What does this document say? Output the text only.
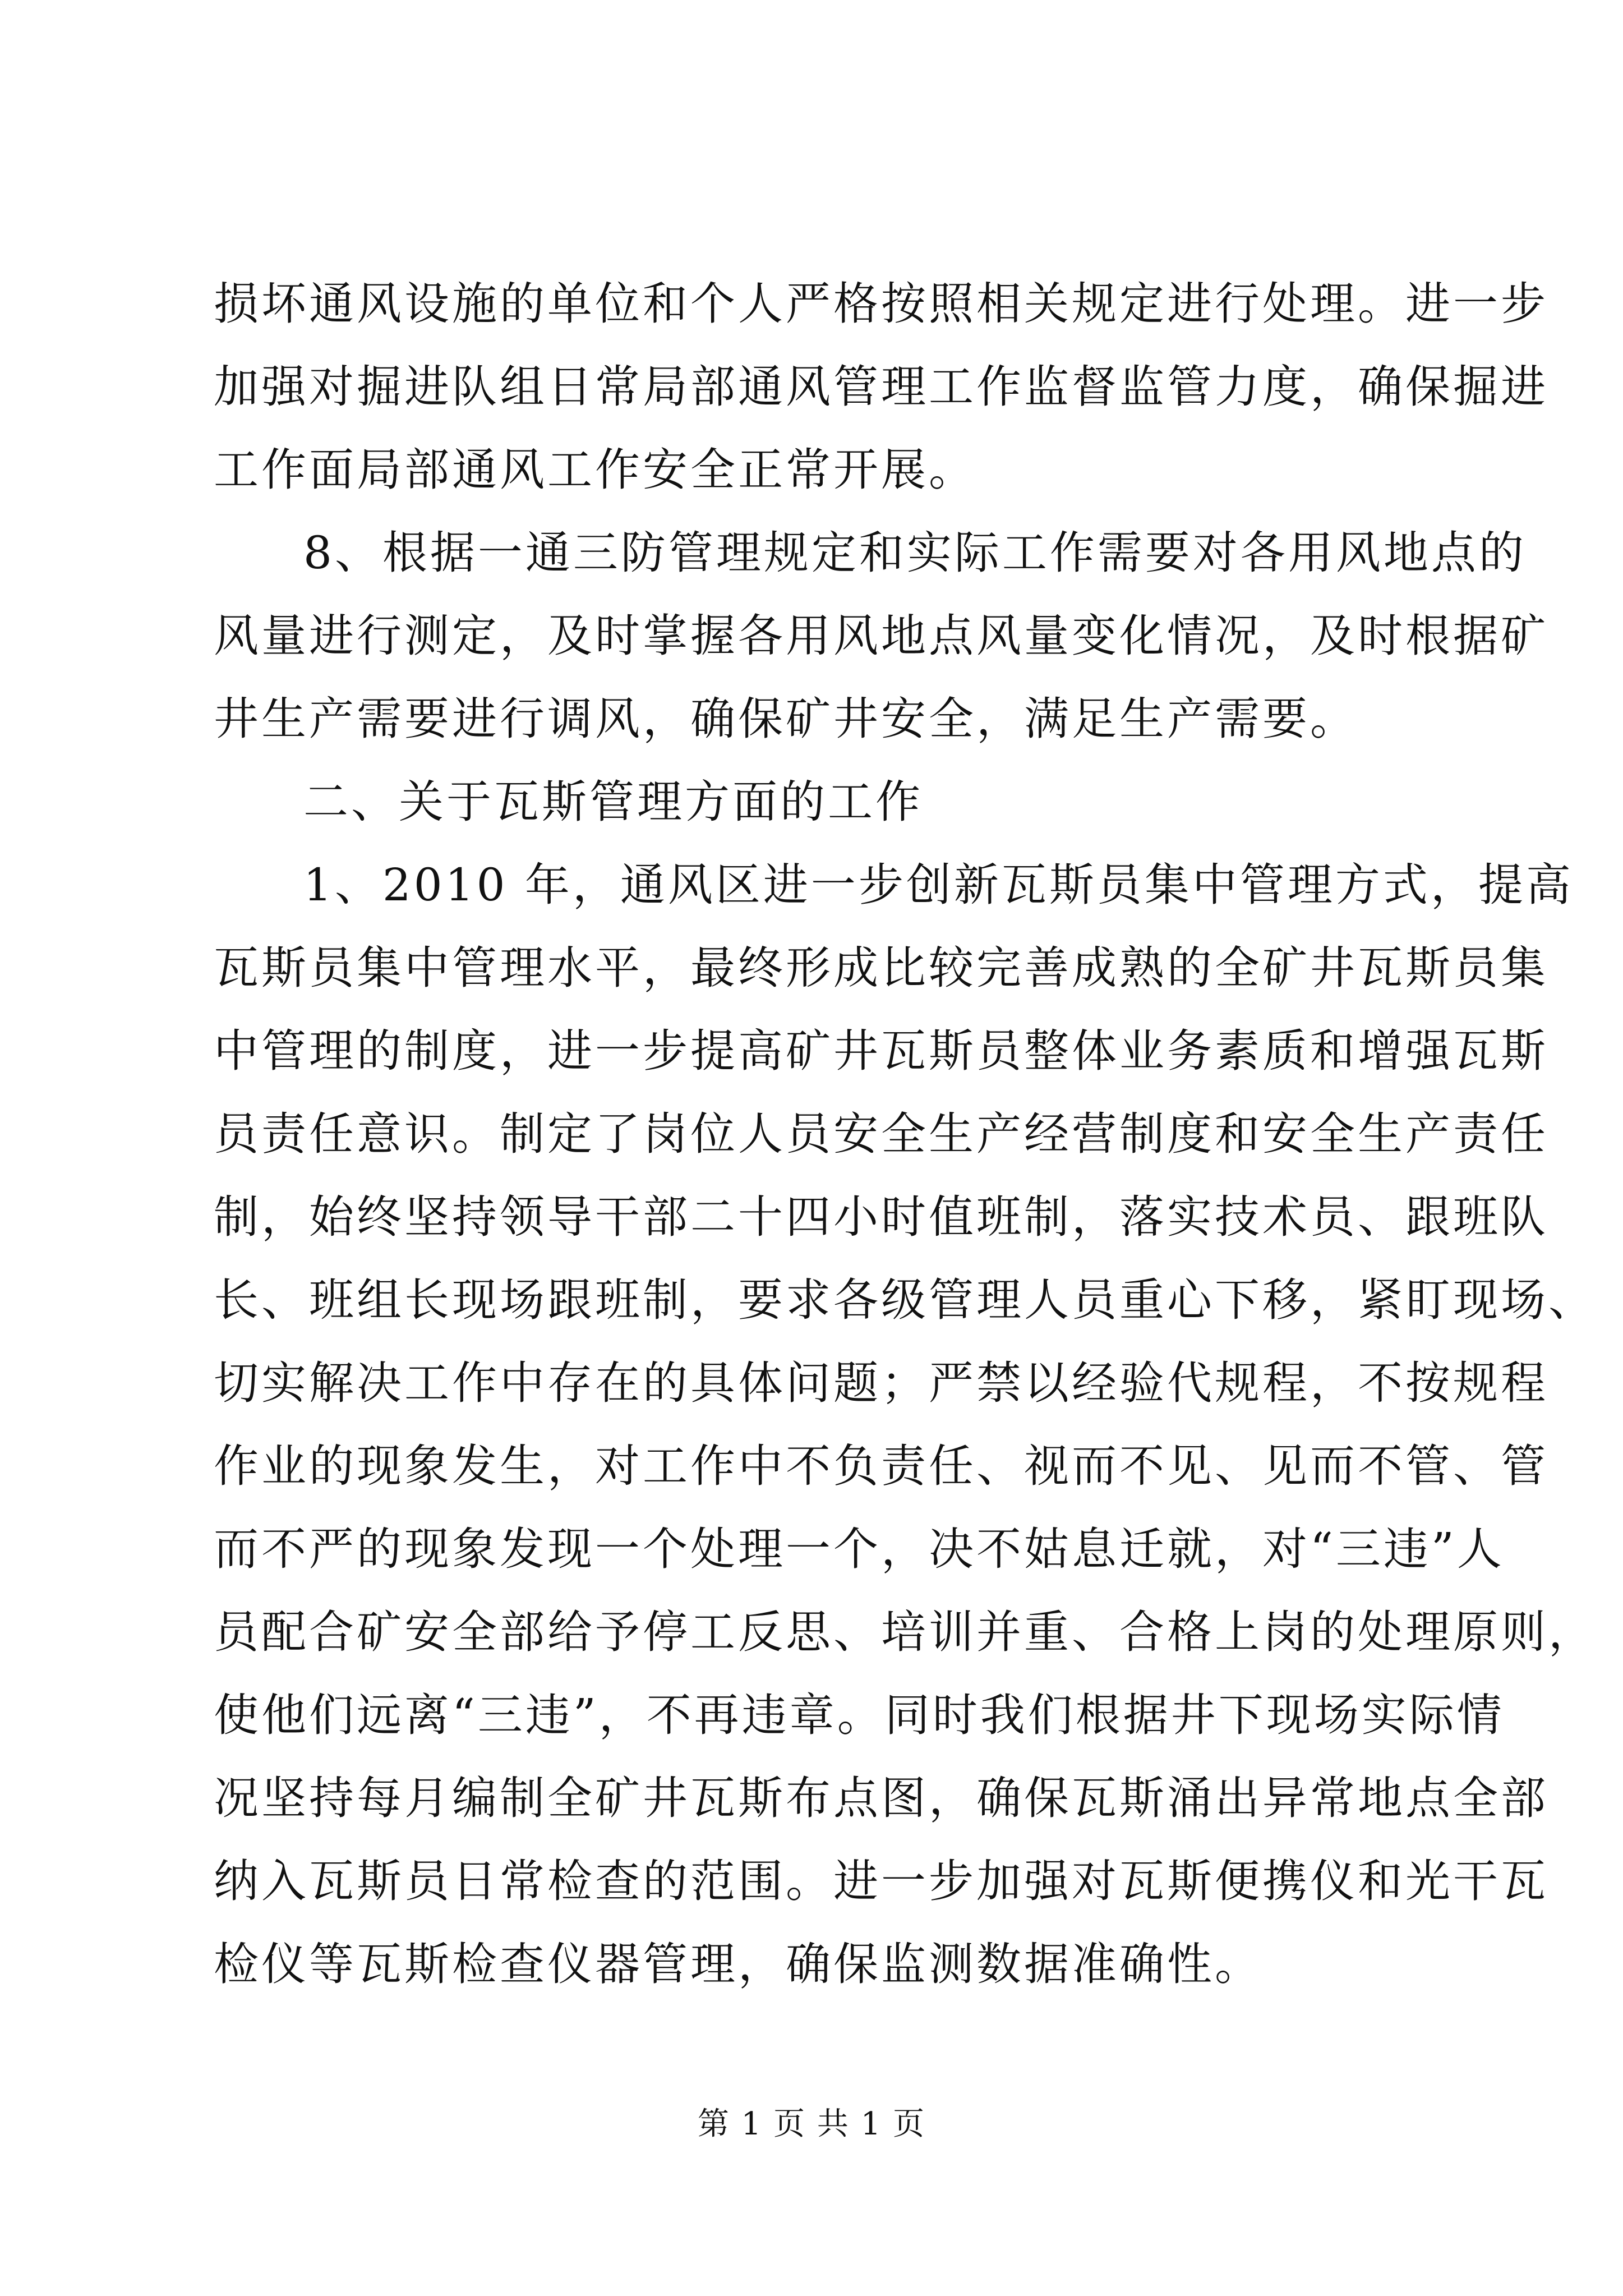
损坏通风设施的单位和个人严格按照相关规定进行处理。进一步
加强对掘进队组日常局部通风管理工作监督监管力度，确保掘进
工作面局部通风工作安全正常开展。
8、根据一通三防管理规定和实际工作需要对各用风地点的
风量进行测定，及时掌握各用风地点风量变化情况，及时根据矿
井生产需要进行调风，确保矿井安全，满足生产需要。
二、关于瓦斯管理方面的工作
1、2010 年，通风区进一步创新瓦斯员集中管理方式，提高
瓦斯员集中管理水平，最终形成比较完善成熟的全矿井瓦斯员集
中管理的制度，进一步提高矿井瓦斯员整体业务素质和增强瓦斯
员责任意识。制定了岗位人员安全生产经营制度和安全生产责任
制，始终坚持领导干部二十四小时值班制，落实技术员、跟班队
长、班组长现场跟班制，要求各级管理人员重心下移，紧盯现场、
切实解决工作中存在的具体问题；严禁以经验代规程，不按规程
作业的现象发生，对工作中不负责任、视而不见、见而不管、管
而不严的现象发现一个处理一个，决不姑息迁就，对“三违”人
员配合矿安全部给予停工反思、培训并重、合格上岗的处理原则，
使他们远离“三违”，不再违章。同时我们根据井下现场实际情
况坚持每月编制全矿井瓦斯布点图，确保瓦斯涌出异常地点全部
纳入瓦斯员日常检查的范围。进一步加强对瓦斯便携仪和光干瓦
检仪等瓦斯检查仪器管理，确保监测数据准确性。
第 1 页 共 1 页
